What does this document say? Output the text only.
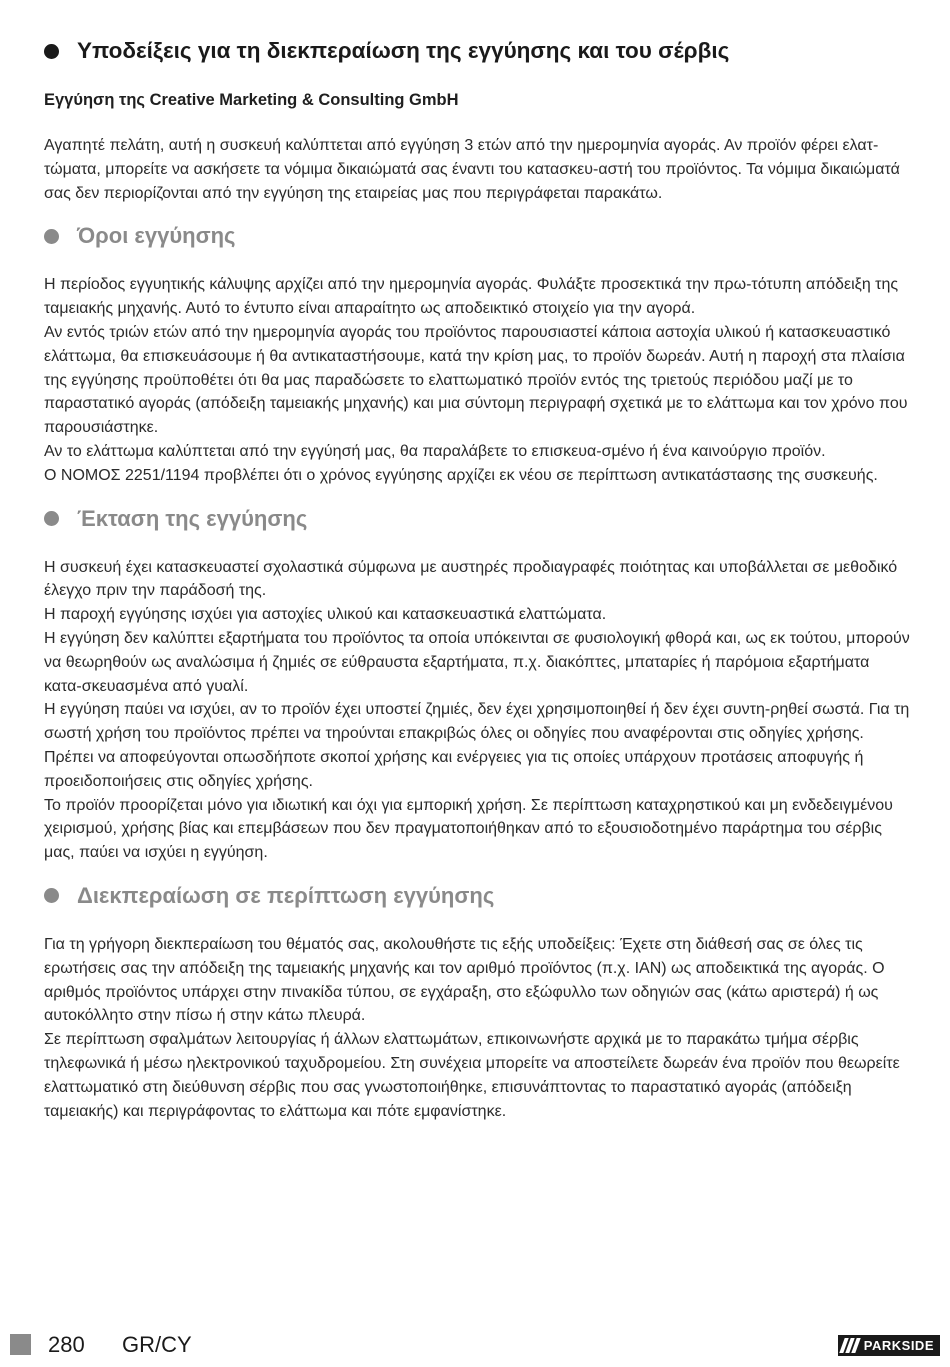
Υποδείξεις για τη διεκπεραίωση της εγγύησης και του σέρβις
Εγγύηση της Creative Marketing & Consulting GmbH

Αγαπητέ πελάτη, αυτή η συσκευή καλύπτεται από εγγύηση 3 ετών από την ημερομηνία αγοράς. Αν προϊόν φέρει ελατ-τώματα, μπορείτε να ασκήσετε τα νόμιμα δικαιώματά σας έναντι του κατασκευ-αστή του προϊόντος. Τα νόμιμα δικαιώματά σας δεν περιορίζονται από την εγγύηση της εταιρείας μας που περιγράφεται παρακάτω.

Όροι εγγύησης

Η περίοδος εγγυητικής κάλυψης αρχίζει από την ημερομηνία αγοράς. Φυλάξτε προσεκτικά την πρω-τότυπη απόδειξη της ταμειακής μηχανής. Αυτό το έντυπο είναι απαραίτητο ως αποδεικτικό στοιχείο για την αγορά.

Αν εντός τριών ετών από την ημερομηνία αγοράς του προϊόντος παρουσιαστεί κάποια αστοχία υλικού ή κατασκευαστικό ελάττωμα, θα επισκευάσουμε ή θα αντικαταστήσουμε, κατά την κρίση μας, το προϊόν δωρεάν. Αυτή η παροχή στα πλαίσια της εγγύησης προϋποθέτει ότι θα μας παραδώσετε το ελαττωματικό προϊόν εντός της τριετούς περιόδου μαζί με το παραστατικό αγοράς (απόδειξη ταμειακής μηχανής) και μια σύντομη περιγραφή σχετικά με το ελάττωμα και τον χρόνο που παρουσιάστηκε.

Αν το ελάττωμα καλύπτεται από την εγγύησή μας, θα παραλάβετε το επισκευα-σμένο ή ένα καινούργιο προϊόν.

Ο ΝΟΜΟΣ 2251/1194 προβλέπει ότι ο χρόνος εγγύησης αρχίζει εκ νέου σε περίπτωση αντικατάστασης της συσκευής.

Έκταση της εγγύησης

Η συσκευή έχει κατασκευαστεί σχολαστικά σύμφωνα με αυστηρές προδιαγραφές ποιότητας και υποβάλλεται σε μεθοδικό έλεγχο πριν την παράδοσή της.

Η παροχή εγγύησης ισχύει για αστοχίες υλικού και κατασκευαστικά ελαττώματα.

Η εγγύηση δεν καλύπτει εξαρτήματα του προϊόντος τα οποία υπόκεινται σε φυσιολογική φθορά και, ως εκ τούτου, μπορούν να θεωρηθούν ως αναλώσιμα ή ζημιές σε εύθραυστα εξαρτήματα, π.χ. διακόπτες, μπαταρίες ή παρόμοια εξαρτήματα κατα-σκευασμένα από γυαλί.

Η εγγύηση παύει να ισχύει, αν το προϊόν έχει υποστεί ζημιές, δεν έχει χρησιμοποιηθεί ή δεν έχει συντη-ρηθεί σωστά. Για τη σωστή χρήση του προϊόντος πρέπει να τηρούνται επακριβώς όλες οι οδηγίες που αναφέρονται στις οδηγίες χρήσης. Πρέπει να αποφεύγονται οπωσδήποτε σκοποί χρήσης και ενέργειες για τις οποίες υπάρχουν προτάσεις αποφυγής ή προειδοποιήσεις στις οδηγίες χρήσης.

Το προϊόν προορίζεται μόνο για ιδιωτική και όχι για εμπορική χρήση. Σε περίπτωση καταχρηστικού και μη ενδεδειγμένου χειρισμού, χρήσης βίας και επεμβάσεων που δεν πραγματοποιήθηκαν από το εξουσιοδοτημένο παράρτημα του σέρβις μας, παύει να ισχύει η εγγύηση.

Διεκπεραίωση σε περίπτωση εγγύησης

Για τη γρήγορη διεκπεραίωση του θέματός σας, ακολουθήστε τις εξής υποδείξεις: Έχετε στη διάθεσή σας σε όλες τις ερωτήσεις σας την απόδειξη της ταμειακής μηχανής και τον αριθμό προϊόντος (π.χ. IAN) ως αποδεικτικά της αγοράς. Ο αριθμός προϊόντος υπάρχει στην πινακίδα τύπου, σε εγχάραξη, στο εξώφυλλο των οδηγιών σας (κάτω αριστερά) ή ως αυτοκόλλητο στην πίσω ή στην κάτω πλευρά.

Σε περίπτωση σφαλμάτων λειτουργίας ή άλλων ελαττωμάτων, επικοινωνήστε αρχικά με το παρακάτω τμήμα σέρβις τηλεφωνικά ή μέσω ηλεκτρονικού ταχυδρομείου. Στη συνέχεια μπορείτε να αποστείλετε δωρεάν ένα προϊόν που θεωρείτε ελαττωματικό στη διεύθυνση σέρβις που σας γνωστοποιήθηκε, επισυνάπτοντας το παραστατικό αγοράς (απόδειξη ταμειακής) και περιγράφοντας το ελάττωμα και πότε εμφανίστηκε.

280 GR/CY	PARKSIDE
